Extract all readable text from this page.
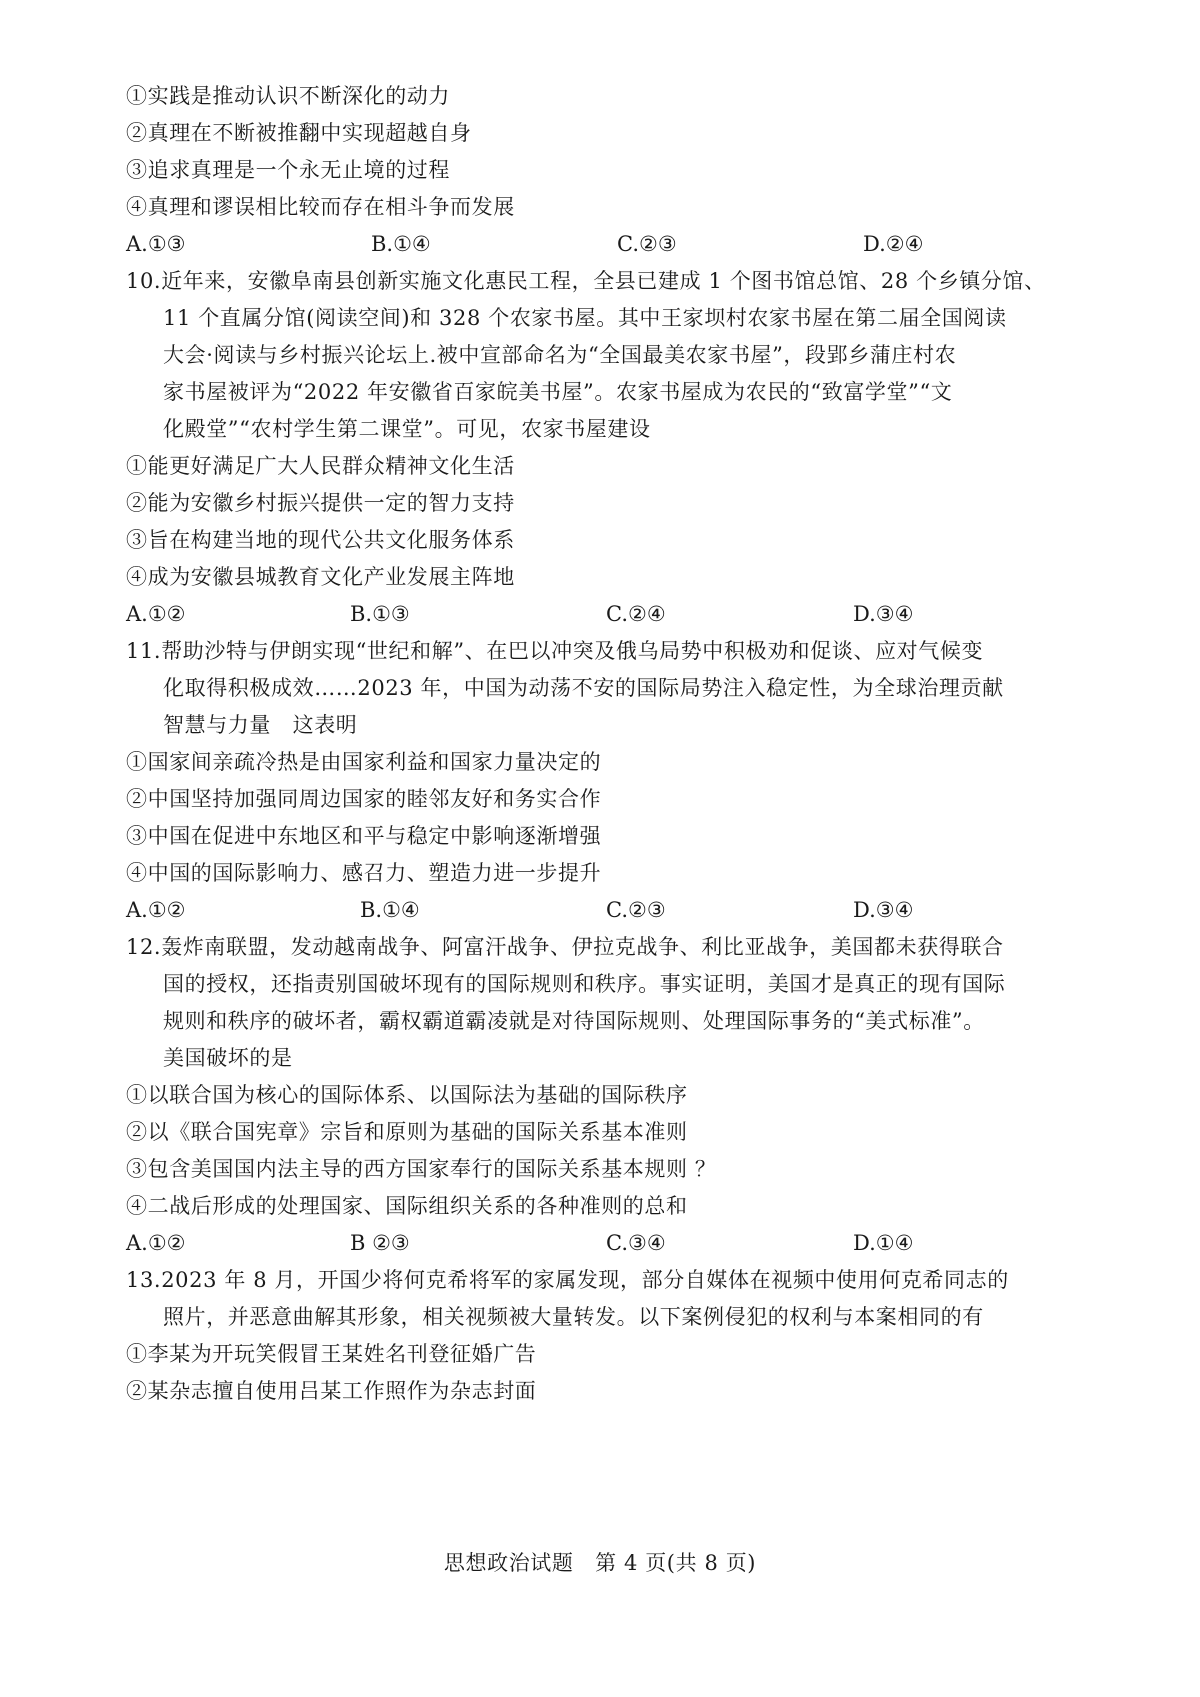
①实践是推动认识不断深化的动力
②真理在不断被推翻中实现超越自身
③追求真理是一个永无止境的过程
④真理和谬误相比较而存在相斗争而发展
A.①③	B.①④	C.②③	D.②④
10.近年来，安徽阜南县创新实施文化惠民工程，全县已建成 1 个图书馆总馆、28 个乡镇分馆、
11 个直属分馆(阅读空间)和 328 个农家书屋。其中王家坝村农家书屋在第二届全国阅读
大会·阅读与乡村振兴论坛上.被中宣部命名为“全国最美农家书屋”，段郢乡蒲庄村农
家书屋被评为“2022 年安徽省百家皖美书屋”。农家书屋成为农民的“致富学堂”“文
化殿堂”“农村学生第二课堂”。可见，农家书屋建设
①能更好满足广大人民群众精神文化生活
②能为安徽乡村振兴提供一定的智力支持
③旨在构建当地的现代公共文化服务体系
④成为安徽县城教育文化产业发展主阵地
A.①②	B.①③	C.②④	D.③④
11.帮助沙特与伊朗实现“世纪和解”、在巴以冲突及俄乌局势中积极劝和促谈、应对气候变
化取得积极成效……2023 年，中国为动荡不安的国际局势注入稳定性，为全球治理贡献
智慧与力量　这表明
①国家间亲疏冷热是由国家利益和国家力量决定的
②中国坚持加强同周边国家的睦邻友好和务实合作
③中国在促进中东地区和平与稳定中影响逐渐增强
④中国的国际影响力、感召力、塑造力进一步提升
A.①②	B.①④	C.②③	D.③④
12.轰炸南联盟，发动越南战争、阿富汗战争、伊拉克战争、利比亚战争，美国都未获得联合
国的授权，还指责别国破坏现有的国际规则和秩序。事实证明，美国才是真正的现有国际
规则和秩序的破坏者，霸权霸道霸凌就是对待国际规则、处理国际事务的“美式标准”。
美国破坏的是
①以联合国为核心的国际体系、以国际法为基础的国际秩序
②以《联合国宪章》宗旨和原则为基础的国际关系基本准则
③包含美国国内法主导的西方国家奉行的国际关系基本规则 ？
④二战后形成的处理国家、国际组织关系的各种准则的总和
A.①②	B ②③	C.③④	D.①④
13.2023 年 8 月，开国少将何克希将军的家属发现，部分自媒体在视频中使用何克希同志的
照片，并恶意曲解其形象，相关视频被大量转发。以下案例侵犯的权利与本案相同的有
①李某为开玩笑假冒王某姓名刊登征婚广告
②某杂志擅自使用吕某工作照作为杂志封面
思想政治试题　第 4 页(共 8 页)
